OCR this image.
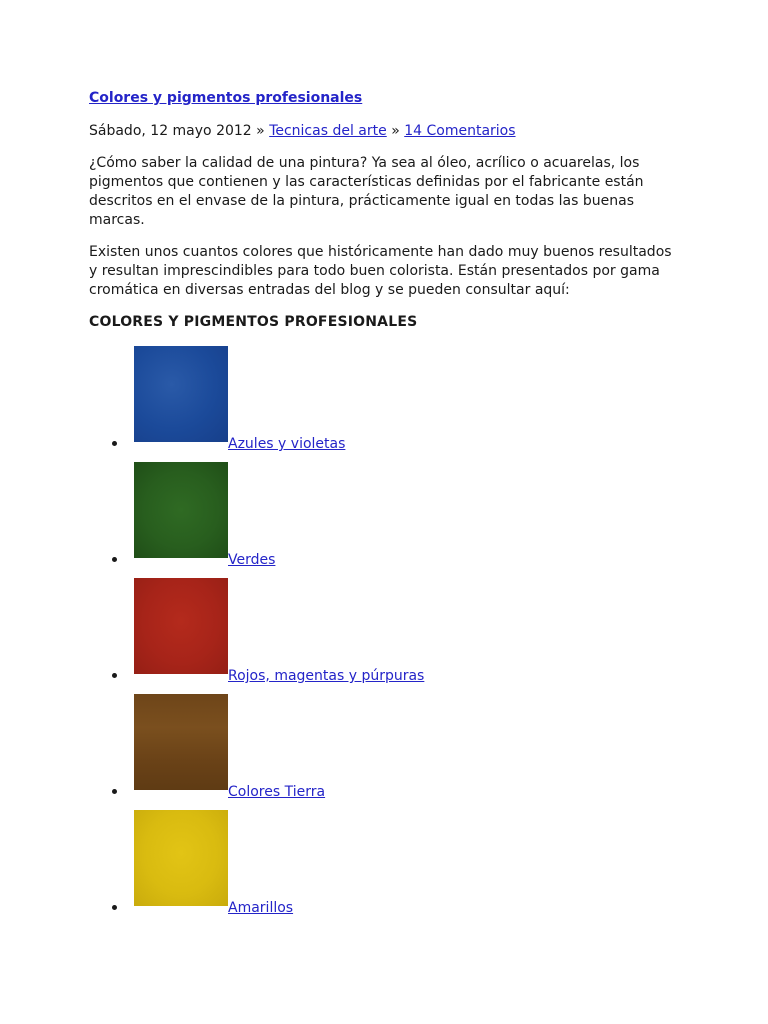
Colores y pigmentos profesionales
Sábado, 12 mayo 2012 » Tecnicas del arte » 14 Comentarios

¿Cómo saber la calidad de una pintura? Ya sea al óleo, acrílico o acuarelas, los pigmentos que contienen y las características definidas por el fabricante están descritos en el envase de la pintura, prácticamente igual en todas las buenas marcas.

Existen unos cuantos colores que históricamente han dado muy buenos resultados y resultan imprescindibles para todo buen colorista. Están presentados por gama cromática en diversas entradas del blog y se pueden consultar aquí:

COLORES Y PIGMENTOS PROFESIONALES
Azules y violetas
Verdes
Rojos, magentas y púrpuras
Colores Tierra
Amarillos
